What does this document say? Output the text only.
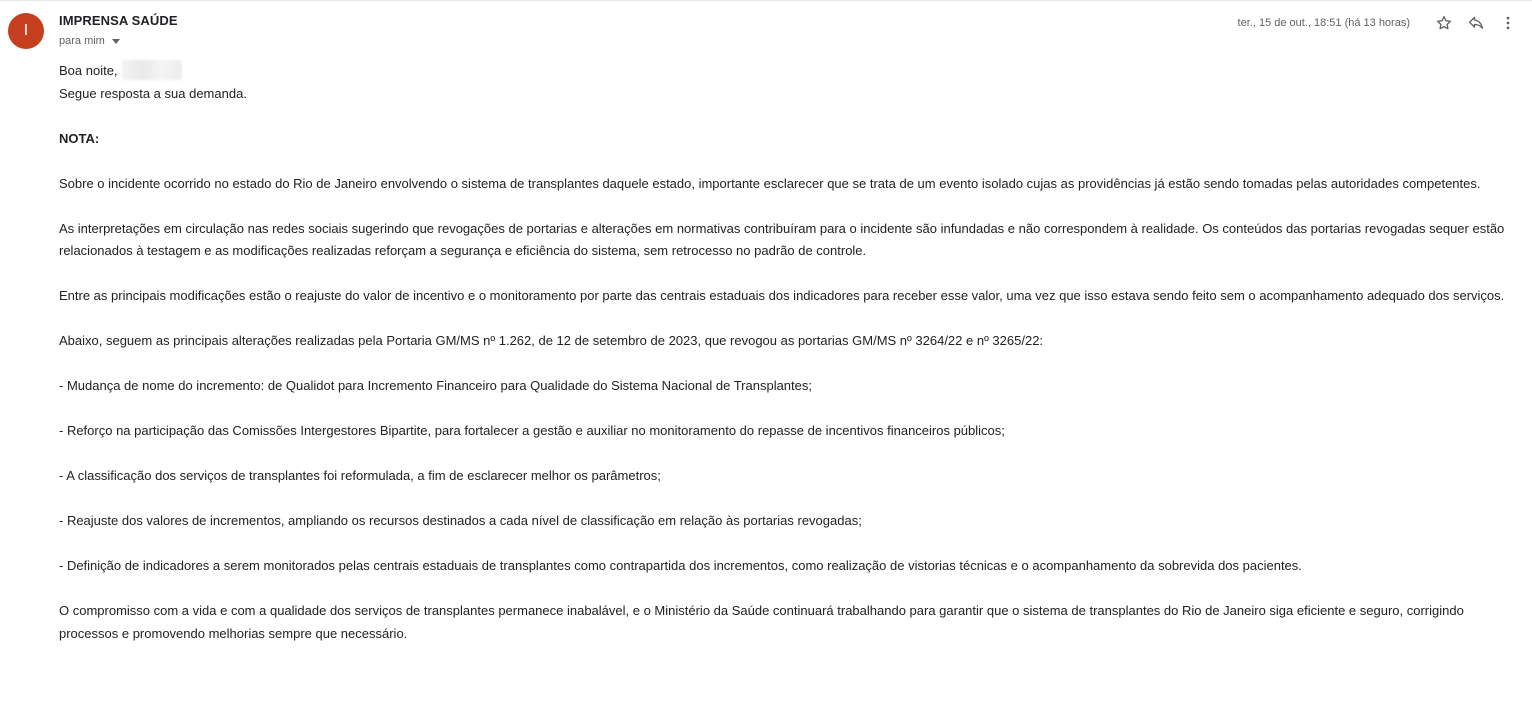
I
IMPRENSA SAÚDE
para mim
ter., 15 de out., 18:51 (há 13 horas)

Boa noite,

Segue resposta a sua demanda.

NOTA:

Sobre o incidente ocorrido no estado do Rio de Janeiro envolvendo o sistema de transplantes daquele estado, importante esclarecer que se trata de um evento isolado cujas as providências já estão sendo tomadas pelas autoridades competentes.

As interpretações em circulação nas redes sociais sugerindo que revogações de portarias e alterações em normativas contribuíram para o incidente são infundadas e não correspondem à realidade. Os conteúdos das portarias revogadas sequer estão relacionados à testagem e as modificações realizadas reforçam a segurança e eficiência do sistema, sem retrocesso no padrão de controle.

Entre as principais modificações estão o reajuste do valor de incentivo e o monitoramento por parte das centrais estaduais dos indicadores para receber esse valor, uma vez que isso estava sendo feito sem o acompanhamento adequado dos serviços.

Abaixo, seguem as principais alterações realizadas pela Portaria GM/MS nº 1.262, de 12 de setembro de 2023, que revogou as portarias GM/MS nº 3264/22 e nº 3265/22:

- Mudança de nome do incremento: de Qualidot para Incremento Financeiro para Qualidade do Sistema Nacional de Transplantes;

- Reforço na participação das Comissões Intergestores Bipartite, para fortalecer a gestão e auxiliar no monitoramento do repasse de incentivos financeiros públicos;

- A classificação dos serviços de transplantes foi reformulada, a fim de esclarecer melhor os parâmetros;

- Reajuste dos valores de incrementos, ampliando os recursos destinados a cada nível de classificação em relação às portarias revogadas;

- Definição de indicadores a serem monitorados pelas centrais estaduais de transplantes como contrapartida dos incrementos, como realização de vistorias técnicas e o acompanhamento da sobrevida dos pacientes.

O compromisso com a vida e com a qualidade dos serviços de transplantes permanece inabalável, e o Ministério da Saúde continuará trabalhando para garantir que o sistema de transplantes do Rio de Janeiro siga eficiente e seguro, corrigindo processos e promovendo melhorias sempre que necessário.
